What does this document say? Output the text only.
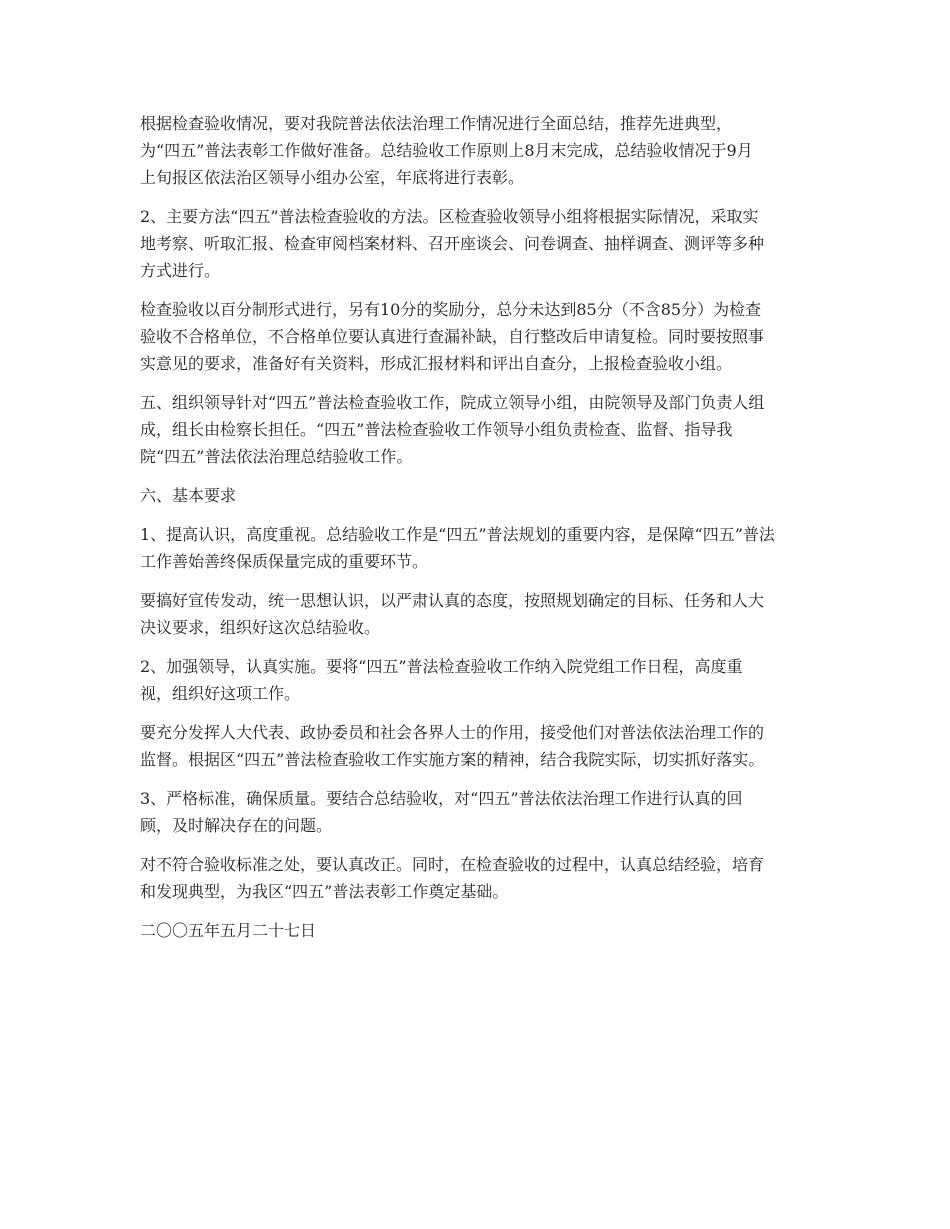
根据检查验收情况，要对我院普法依法治理工作情况进行全面总结，推荐先进典型，
为“四五”普法表彰工作做好准备。总结验收工作原则上8月末完成，总结验收情况于9月
上旬报区依法治区领导小组办公室，年底将进行表彰。

2、主要方法“四五”普法检查验收的方法。区检查验收领导小组将根据实际情况，采取实
地考察、听取汇报、检查审阅档案材料、召开座谈会、问卷调查、抽样调查、测评等多种
方式进行。

检查验收以百分制形式进行，另有10分的奖励分，总分未达到85分（不含85分）为检查
验收不合格单位，不合格单位要认真进行查漏补缺，自行整改后申请复检。同时要按照事
实意见的要求，准备好有关资料，形成汇报材料和评出自查分，上报检查验收小组。

五、组织领导针对“四五”普法检查验收工作，院成立领导小组，由院领导及部门负责人组
成，组长由检察长担任。“四五”普法检查验收工作领导小组负责检查、监督、指导我
院“四五”普法依法治理总结验收工作。

六、基本要求

1、提高认识，高度重视。总结验收工作是“四五”普法规划的重要内容，是保障“四五”普法
工作善始善终保质保量完成的重要环节。

要搞好宣传发动，统一思想认识，以严肃认真的态度，按照规划确定的目标、任务和人大
决议要求，组织好这次总结验收。

2、加强领导，认真实施。要将“四五”普法检查验收工作纳入院党组工作日程，高度重
视，组织好这项工作。

要充分发挥人大代表、政协委员和社会各界人士的作用，接受他们对普法依法治理工作的
监督。根据区“四五”普法检查验收工作实施方案的精神，结合我院实际，切实抓好落实。

3、严格标准，确保质量。要结合总结验收，对“四五”普法依法治理工作进行认真的回
顾，及时解决存在的问题。

对不符合验收标准之处，要认真改正。同时，在检查验收的过程中，认真总结经验，培育
和发现典型，为我区“四五”普法表彰工作奠定基础。

二〇〇五年五月二十七日
